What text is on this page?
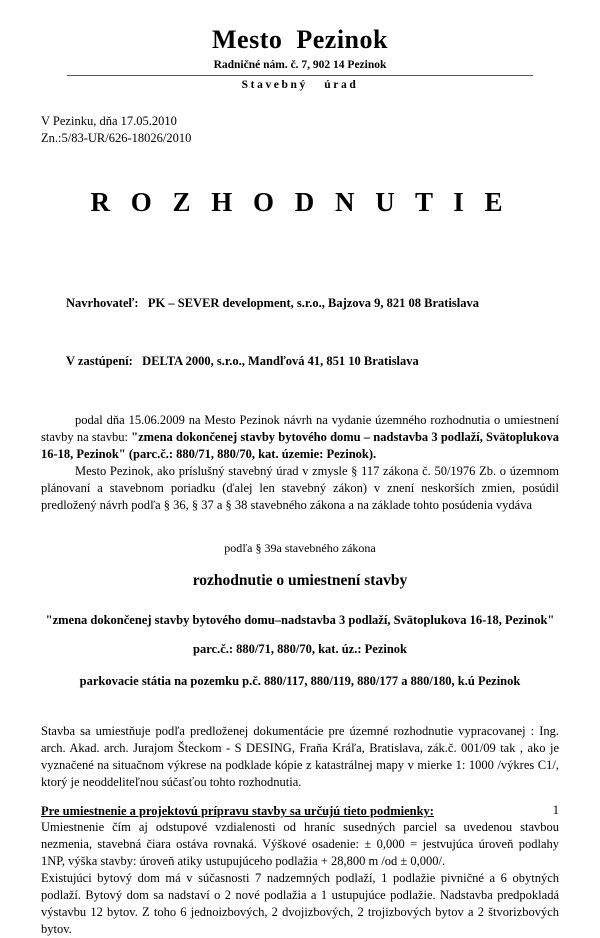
Mesto  Pezinok
Radničné nám. č. 7, 902 14 Pezinok
Stavebný   úrad
V Pezinku, dňa 17.05.2010
Zn.:5/83-UR/626-18026/2010
R O Z H O D N U T I E

Navrhovateľ: PK – SEVER development, s.r.o., Bajzova 9, 821 08 Bratislava

V zastúpení: DELTA 2000, s.r.o., Mandľová 41, 851 10 Bratislava

podal dňa 15.06.2009 na Mesto Pezinok návrh na vydanie územného rozhodnutia o umiestnení stavby na stavbu: "zmena dokončenej stavby bytového domu – nadstavba 3 podlaží, Svätoplukova 16-18, Pezinok" (parc.č.: 880/71, 880/70, kat. územie: Pezinok).

Mesto Pezinok, ako príslušný stavebný úrad v zmysle § 117 zákona č. 50/1976 Zb. o územnom plánovaní a stavebnom poriadku (ďalej len stavebný zákon) v znení neskorších zmien, posúdil predložený návrh podľa § 36, § 37 a § 38 stavebného zákona a na základe tohto posúdenia vydáva

podľa § 39a stavebného zákona
rozhodnutie o umiestnení stavby
"zmena dokončenej stavby bytového domu–nadstavba 3 podlaží, Svätoplukova 16-18, Pezinok"
parc.č.: 880/71, 880/70, kat. úz.: Pezinok
parkovacie státia na pozemku p.č. 880/117, 880/119, 880/177 a 880/180, k.ú Pezinok

Stavba sa umiestňuje podľa predloženej dokumentácie pre územné rozhodnutie vypracovanej : Ing. arch. Akad. arch. Jurajom Šteckom - S DESING, Fraňa Kráľa, Bratislava, zák.č. 001/09 tak , ako je vyznačené na situačnom výkrese na podklade kópie z katastrálnej mapy v mierke 1: 1000 /výkres C1/, ktorý je neoddeliteľnou súčasťou tohto rozhodnutia.

Pre umiestnenie a projektovú prípravu stavby sa určujú tieto podmienky:

Umiestnenie čím aj odstupové vzdialenosti od hraníc susedných parciel sa uvedenou stavbou nezmenia, stavebná čiara ostáva rovnaká. Výškové osadenie: ± 0,000 = jestvujúca úroveň podlahy 1NP, výška stavby: úroveň atiky ustupujúceho podlažia + 28,800 m /od ± 0,000/.

Existujúci bytový dom má v súčasnosti 7 nadzemných podlaží, 1 podlažie pivničné a 6 obytných podlaží. Bytový dom sa nadstaví o 2 nové podlažia a 1 ustupujúce podlažie. Nadstavba predpokladá výstavbu 12 bytov. Z toho 6 jednoizbových, 2 dvojizbových, 2 trojizbových bytov a 2 štvorizbových bytov.

1
